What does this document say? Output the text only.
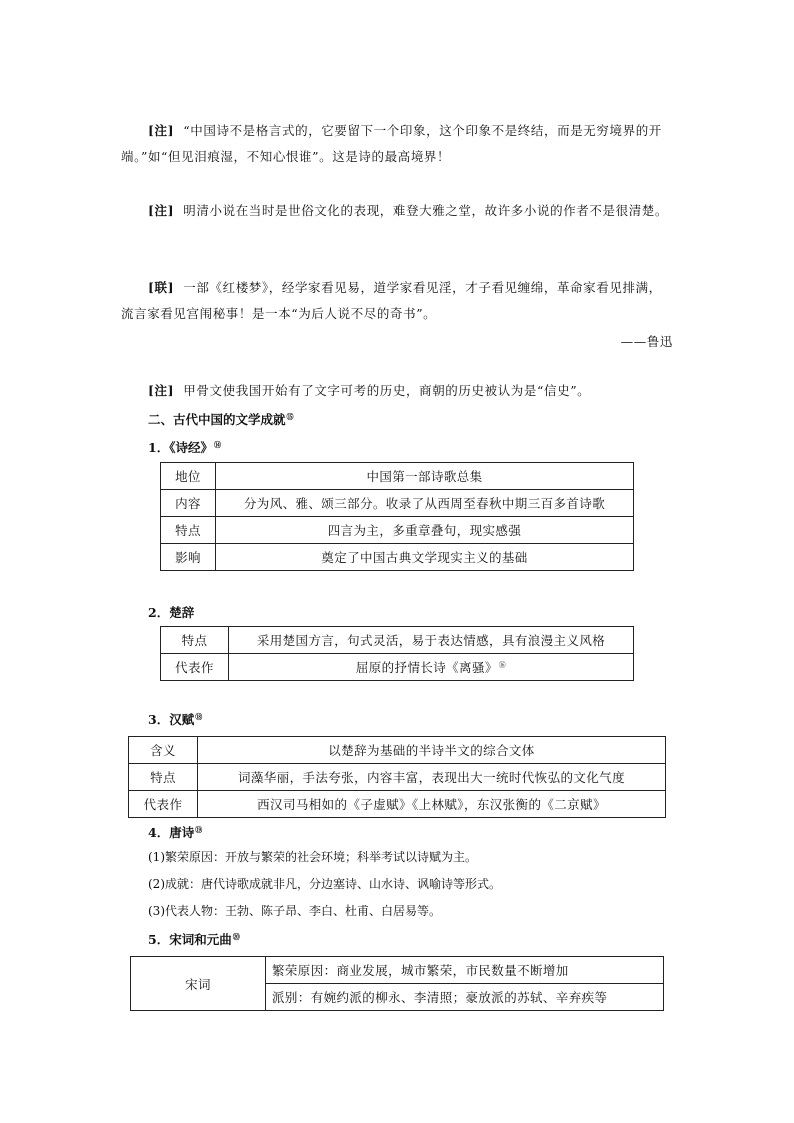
[注] “中国诗不是格言式的，它要留下一个印象，这个印象不是终结，而是无穷境界的开端。”如“但见泪痕湿，不知心恨谁”。这是诗的最高境界！
[注] 明清小说在当时是世俗文化的表现，难登大雅之堂，故许多小说的作者不是很清楚。
[联] 一部《红楼梦》，经学家看见易，道学家看见淫，才子看见缠绵，革命家看见排满，流言家看见宫闱秘事！是一本“为后人说不尽的奇书”。
——鲁迅
[注] 甲骨文使我国开始有了文字可考的历史，商朝的历史被认为是“信史”。
二、古代中国的文学成就⑮
1．《诗经》⑭
地位	中国第一部诗歌总集
内容	分为风、雅、颂三部分。收录了从西周至春秋中期三百多首诗歌
特点	四言为主，多重章叠句，现实感强
影响	奠定了中国古典文学现实主义的基础
2．楚辞
特点	采用楚国方言，句式灵活，易于表达情感，具有浪漫主义风格
代表作	屈原的抒情长诗《离骚》⑯
3．汉赋⑱
含义	以楚辞为基础的半诗半文的综合文体
特点	词藻华丽，手法夸张，内容丰富，表现出大一统时代恢弘的文化气度
代表作	西汉司马相如的《子虚赋》《上林赋》，东汉张衡的《二京赋》
4．唐诗⑲
(1)繁荣原因：开放与繁荣的社会环境；科举考试以诗赋为主。
(2)成就：唐代诗歌成就非凡，分边塞诗、山水诗、讽喻诗等形式。
(3)代表人物：王勃、陈子昂、李白、杜甫、白居易等。
5．宋词和元曲⑳
宋词	繁荣原因：商业发展，城市繁荣，市民数量不断增加
派别：有婉约派的柳永、李清照；豪放派的苏轼、辛弃疾等
